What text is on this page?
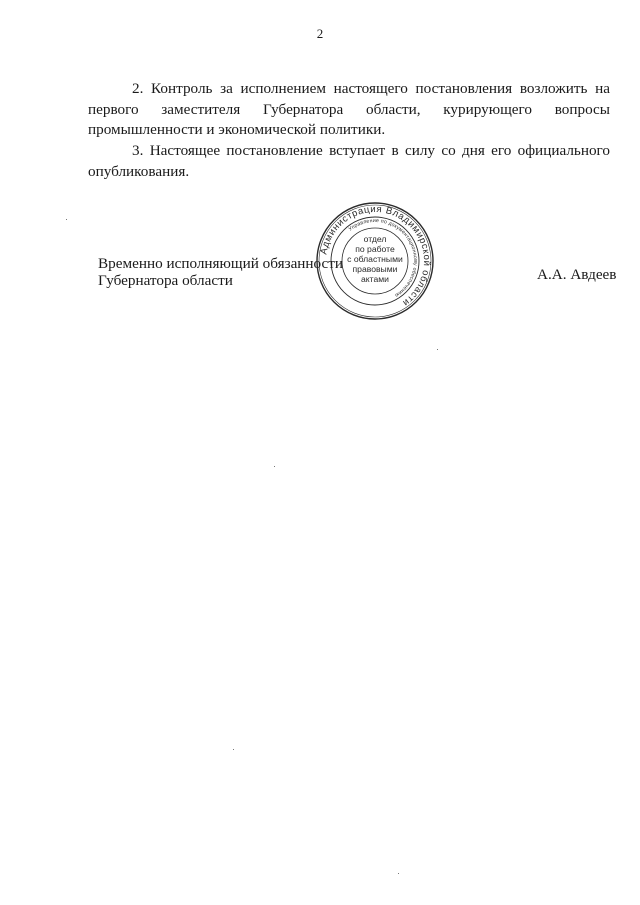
2

2. Контроль за исполнением настоящего постановления возложить на первого заместителя Губернатора области, курирующего вопросы промышленности и экономической политики.

3. Настоящее постановление вступает в силу со дня его официального опубликования.

Временно исполняющий обязанности
Губернатора области	А.А. Авдеев
Администрация Владимирской области
Управление по документационному обеспечению
отдел
по работе
с областными
правовыми
актами
